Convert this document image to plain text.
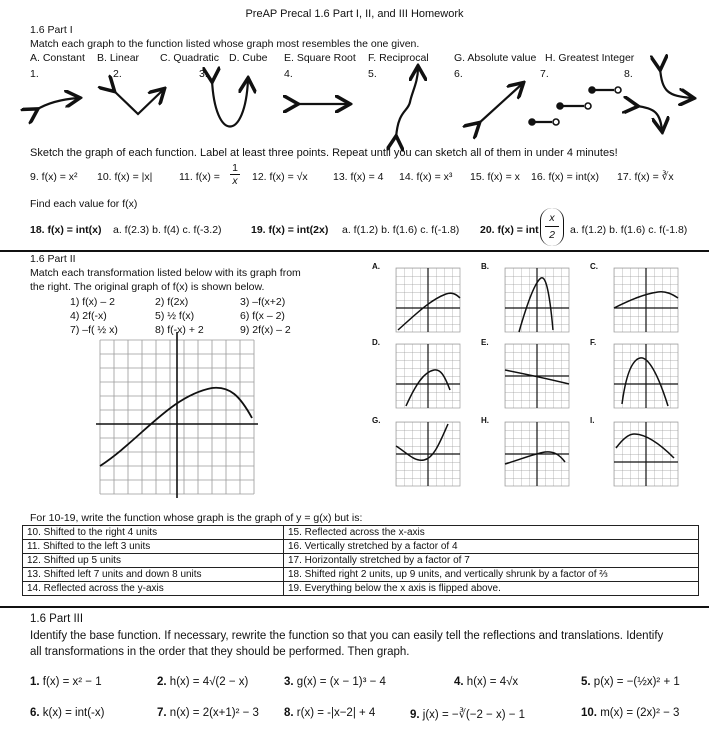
PreAP Precal 1.6 Part I, II, and III Homework
1.6 Part I
Match each graph to the function listed whose graph most resembles the one given.
A. Constant B. Linear C. Quadratic D. Cube E. Square Root F. Reciprocal G. Absolute value H. Greatest Integer
1.	2.	3.	4.	5.	6.	7.	8.
Sketch the graph of each function. Label at least three points. Repeat until you can sketch all of them in under 4 minutes!
9. f(x) = x² 10. f(x) = |x|	11. $f(x) = \frac{1}{x} 12$. f(x) = √x 13. f(x) = 4 14. f(x) = x³ 15. f(x) = x 16. f(x) = int(x) 17. f(x) = ∛x
Find each value for f(x)
18. f(x) = int(x) a. f(2.3) b. f(4) c. f(-3.2)	19. f(x) = int(2x) a. f(1.2) b. f(1.6) c. f(-1.8) 20. f(x) = int $\frac{x}{2} a$. f(1.2) b. f(1.6) c. f(-1.8)
1.6 Part II
Match each transformation listed below with its graph from
the right. The original graph of f(x) is shown below.
1) f(x) – 2	2) f(2x)	3) –f(x+2)
4) 2f(-x)	5) ½ f(x)	6) f(x – 2)
7) –f( ½ x)	8) f(-x) + 2	9) 2f(x) – 2
A.	B.	C.
D.	E.	F.
G.	H.	I.
For 10-19, write the function whose graph is the graph of y = g(x) but is:
10. Shifted to the right 4 units	15. Reflected across the x-axis
11. Shifted to the left 3 units	16. Vertically stretched by a factor of 4
12. Shifted up 5 units	17. Horizontally stretched by a factor of 7
13. Shifted left 7 units and down 8 units	18. Shifted right 2 units, up 9 units, and vertically shrunk by a factor of ⅔
14. Reflected across the y-axis	19. Everything below the x axis is flipped above.
1.6 Part III
Identify the base function. If necessary, rewrite the function so that you can easily tell the reflections and translations. Identify
all transformations in the order that they should be performed. Then graph.
1. f(x) = x² − 1	2. h(x) = 4√(2 − x)	3. g(x) = (x − 1)³ − 4	4. h(x) = 4√x	5. p(x) = −(½x)² + 1
6. k(x) = int(-x)	7. n(x) = 2(x+1)² − 3 8. r(x) = -|x−2| + 4	9. j(x) = −∛(−2 − x) − 1	10. m(x) = (2x)² − 3
